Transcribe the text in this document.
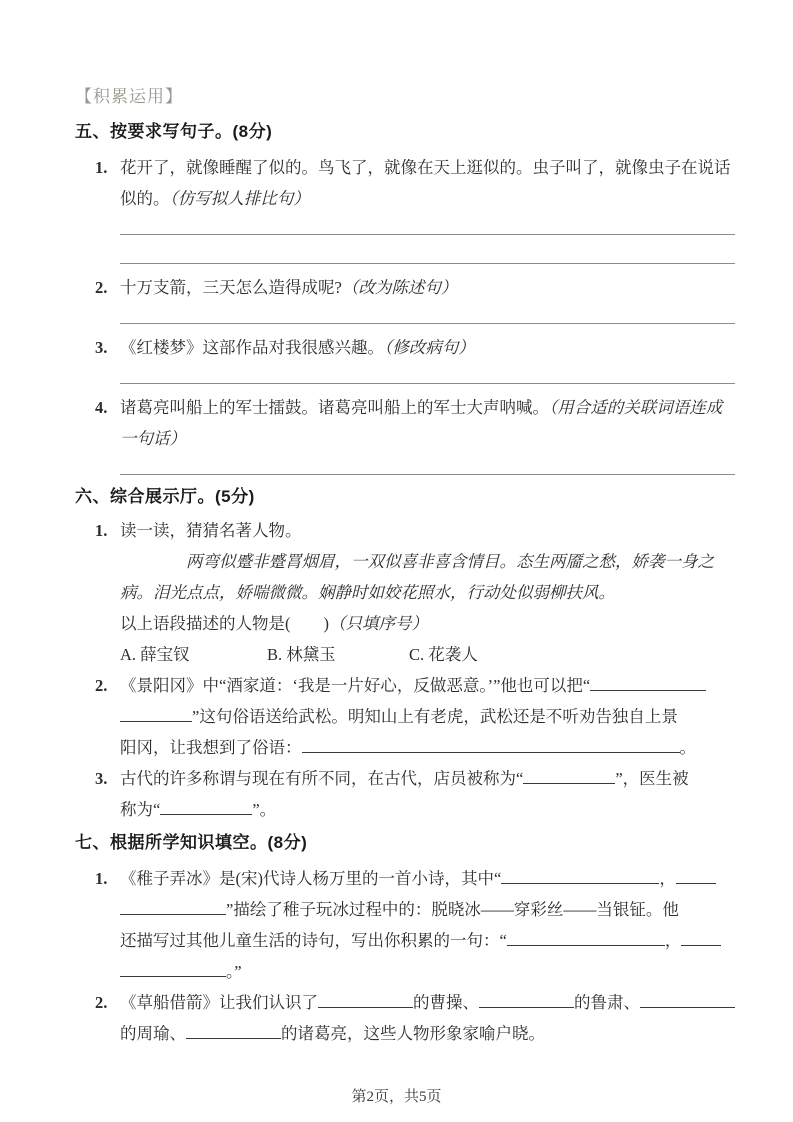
【积累运用】
五、按要求写句子。(8分)
1. 花开了，就像睡醒了似的。鸟飞了，就像在天上逛似的。虫子叫了，就像虫子在说话似的。（仿写拟人排比句）
2. 十万支箭，三天怎么造得成呢?（改为陈述句）
3. 《红楼梦》这部作品对我很感兴趣。（修改病句）
4. 诸葛亮叫船上的军士擂鼓。诸葛亮叫船上的军士大声呐喊。（用合适的关联词语连成一句话）
六、综合展示厅。(5分)
1. 读一读，猜猜名著人物。
两弯似蹙非蹙罥烟眉，一双似喜非喜含情目。态生两靥之愁，娇袭一身之病。泪光点点，娇喘微微。娴静时如姣花照水，行动处似弱柳扶风。
以上语段描述的人物是(　　)（只填序号）
A. 薛宝钗	B. 林黛玉	C. 花袭人
2. 《景阳冈》中“酒家道：‘我是一片好心，反做恶意。’”他也可以把“
”这句俗语送给武松。明知山上有老虎，武松还是不听劝告独自上景
阳冈，让我想到了俗语：	。
3. 古代的许多称谓与现在有所不同，在古代，店员被称为“	”，医生被
称为“	”。
七、根据所学知识填空。(8分)
1. 《稚子弄冰》是(宋)代诗人杨万里的一首小诗，其中“	，
”描绘了稚子玩冰过程中的：脱晓冰——穿彩丝——当银钲。他
还描写过其他儿童生活的诗句，写出你积累的一句：“	，
。”
2. 《草船借箭》让我们认识了	的曹操、	的鲁肃、
的周瑜、	的诸葛亮，这些人物形象家喻户晓。
第2页，共5页
